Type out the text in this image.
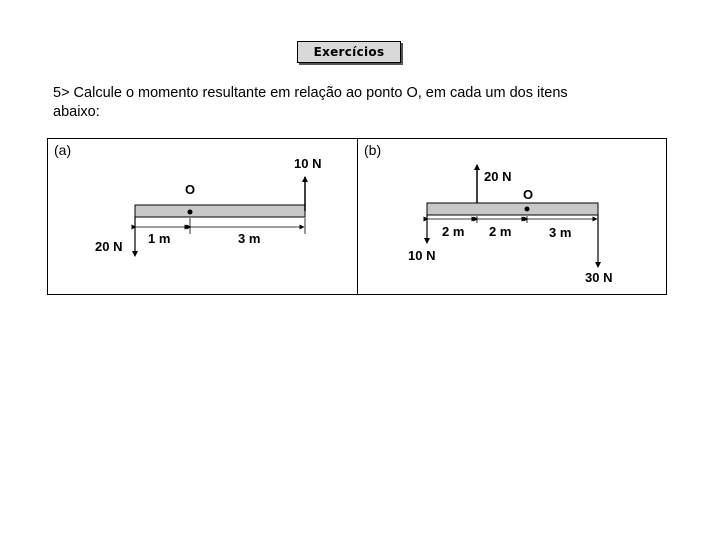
Exercícios
5> Calcule o momento resultante em relação ao ponto O, em cada um dos itens
abaixo:
(a)	(b)
O
10 N
20 N
1 m	3 m
O
20 N
10 N
30 N
2 m 2 m	3 m
